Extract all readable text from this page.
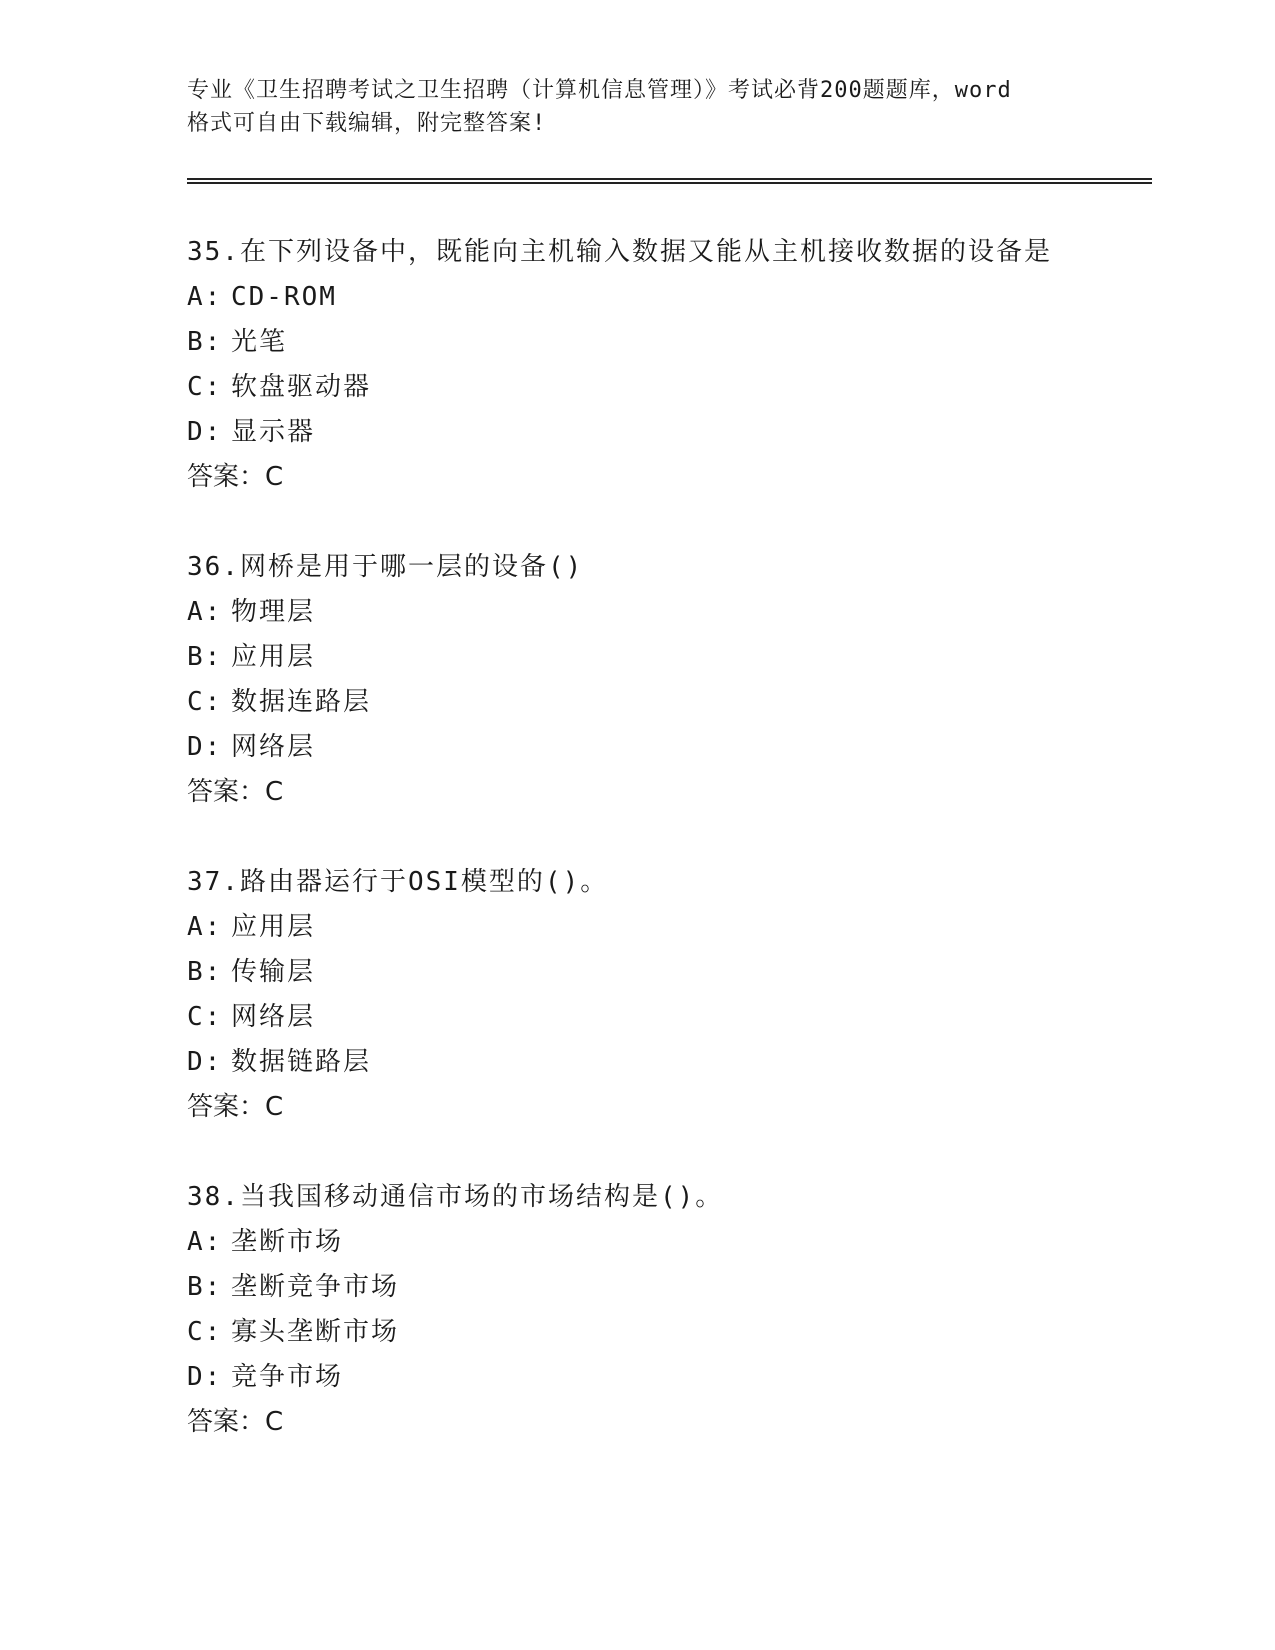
专业《卫生招聘考试之卫生招聘（计算机信息管理）》考试必背200题题库，word
格式可自由下载编辑，附完整答案!
35.在下列设备中，既能向主机输入数据又能从主机接收数据的设备是
A: CD-ROM
B: 光笔
C: 软盘驱动器
D: 显示器
答案：C
36.网桥是用于哪一层的设备()
A: 物理层
B: 应用层
C: 数据连路层
D: 网络层
答案：C
37.路由器运行于OSI模型的()。
A: 应用层
B: 传输层
C: 网络层
D: 数据链路层
答案：C
38.当我国移动通信市场的市场结构是()。
A: 垄断市场
B: 垄断竞争市场
C: 寡头垄断市场
D: 竞争市场
答案：C
